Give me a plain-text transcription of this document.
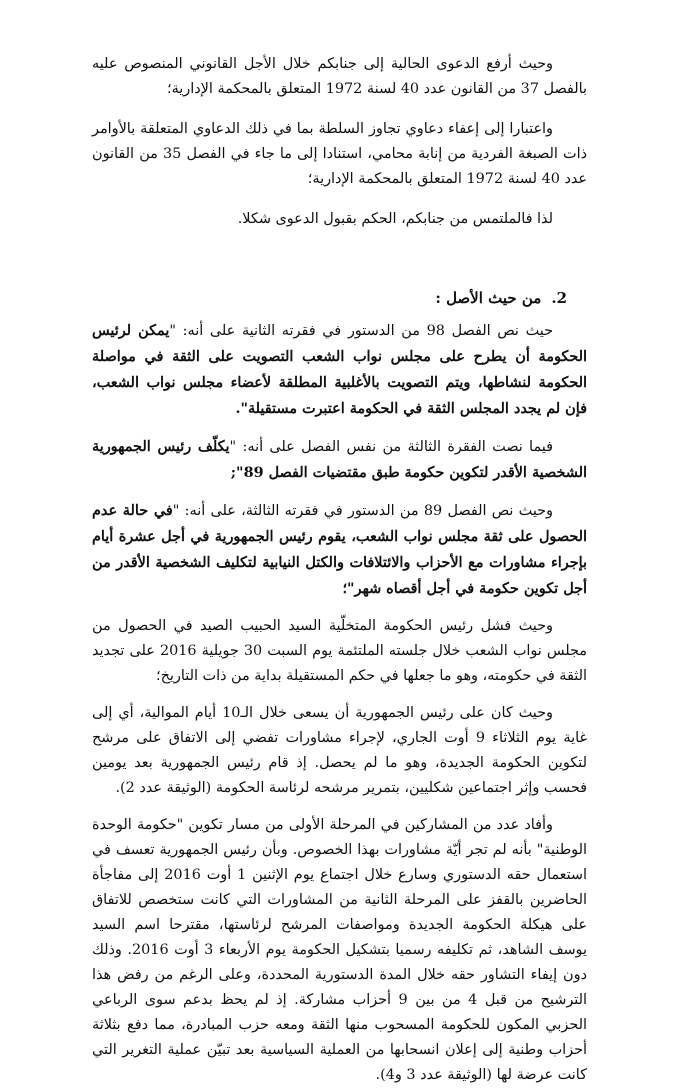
وحيث أرفع الدعوى الحالية إلى جنابكم خلال الأجل القانوني المنصوص عليه بالفصل 37 من القانون عدد 40 لسنة 1972 المتعلق بالمحكمة الإدارية؛

واعتبارا إلى إعفاء دعاوي تجاوز السلطة بما في ذلك الدعاوي المتعلقة بالأوامر ذات الصبغة الفردية من إنابة محامي، استنادا إلى ما جاء في الفصل 35 من القانون عدد 40 لسنة 1972 المتعلق بالمحكمة الإدارية؛

لذا فالملتمس من جنابكم، الحكم بقبول الدعوى شكلا.

2.من حيث الأصل :

حيث نص الفصل 98 من الدستور في فقرته الثانية على أنه: "يمكن لرئيس الحكومة أن يطرح على مجلس نواب الشعب التصويت على الثقة في مواصلة الحكومة لنشاطها، ويتم التصويت بالأغلبية المطلقة لأعضاء مجلس نواب الشعب، فإن لم يجدد المجلس الثقة في الحكومة اعتبرت مستقيلة".

فيما نصت الفقرة الثالثة من نفس الفصل على أنه: "يكلّف رئيس الجمهورية الشخصية الأقدر لتكوين حكومة طبق مقتضيات الفصل 89";

وحيث نص الفصل 89 من الدستور في فقرته الثالثة، على أنه: "في حالة عدم الحصول على ثقة مجلس نواب الشعب، يقوم رئيس الجمهورية في أجل عشرة أيام بإجراء مشاورات مع الأحزاب والائتلافات والكتل النيابية لتكليف الشخصية الأقدر من أجل تكوين حكومة في أجل أقصاه شهر"؛

وحيث فشل رئيس الحكومة المتخلّية السيد الحبيب الصيد في الحصول من مجلس نواب الشعب خلال جلسته الملتئمة يوم السبت 30 جويلية 2016 على تجديد الثقة في حكومته، وهو ما جعلها في حكم المستقيلة بداية من ذات التاريخ؛

وحيث كان على رئيس الجمهورية أن يسعى خلال الـ10 أيام الموالية، أي إلى غاية يوم الثلاثاء 9 أوت الجاري، لإجراء مشاورات تفضي إلى الاتفاق على مرشح لتكوين الحكومة الجديدة، وهو ما لم يحصل. إذ قام رئيس الجمهورية بعد يومين فحسب وإثر اجتماعين شكليين، بتمرير مرشحه لرئاسة الحكومة (الوثيقة عدد 2).

وأفاد عدد من المشاركين في المرحلة الأولى من مسار تكوين "حكومة الوحدة الوطنية" بأنه لم تجر أيّة مشاورات بهذا الخصوص. وبأن رئيس الجمهورية تعسف في استعمال حقه الدستوري وسارع خلال اجتماع يوم الإثنين 1 أوت 2016 إلى مفاجأة الحاضرين بالقفز على المرحلة الثانية من المشاورات التي كانت ستخصص للاتفاق على هيكلة الحكومة الجديدة ومواصفات المرشح لرئاستها، مقترحا اسم السيد يوسف الشاهد، ثم تكليفه رسميا بتشكيل الحكومة يوم الأربعاء 3 أوت 2016. وذلك دون إيفاء التشاور حقه خلال المدة الدستورية المحددة، وعلى الرغم من رفض هذا الترشيح من قبل 4 من بين 9 أحزاب مشاركة. إذ لم يحظ بدعم سوى الرباعي الحزبي المكون للحكومة المسحوب منها الثقة ومعه حزب المبادرة، مما دفع بثلاثة أحزاب وطنية إلى إعلان انسحابها من العملية السياسية بعد تبيّن عملية التغرير التي كانت عرضة لها (الوثيقة عدد 3 و4).
